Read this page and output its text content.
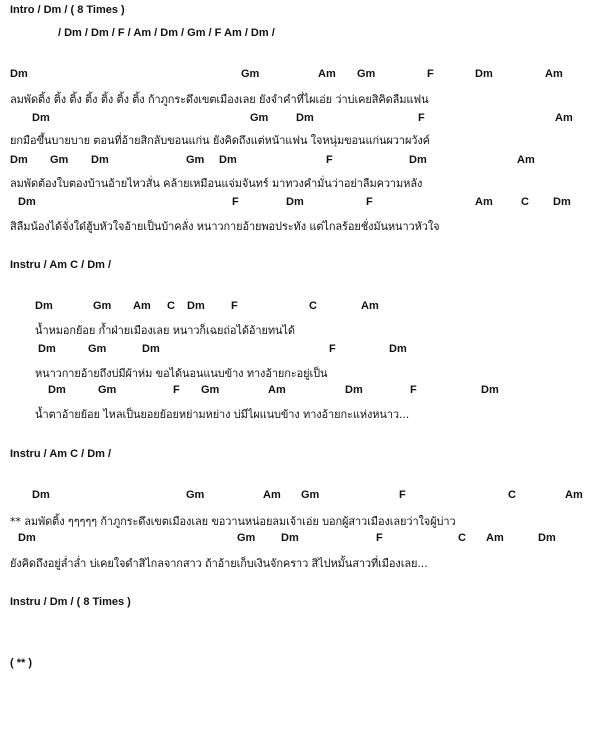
Intro / Dm / ( 8 Times )
/ Dm / Dm / F / Am / Dm / Gm / F Am / Dm /
Dm	Gm	Am Gm	F	Dm	Am
ลมพัดติ้ง ติ้ง ติ้ง ติ้ง ติ้ง ติ้ง ติ้ง ก้าภูกระดึงเขตเมืองเลย ยังจำคำที่ไผเอ่ย ว่าบ่เคยสิคิดลืมแฟน
Dm	Gm	Dm	F	Am
ยกมือขึ้นบายบาย ตอนที่อ้ายสิกลับขอนแก่น ยังคิดถึงแต่หน้าแฟน ใจหนุ่มขอนแก่นผวาผวังค์
Dm Gm Dm	Gm Dm	F	Dm	Am
ลมพัดต้องใบตองบ้านอ้ายไหวสั่น คล้ายเหมือนแจ่มจันทร์ มาทวงคำมั่นว่าอย่าลืมความหลัง
Dm	F	Dm	F	Am	C Dm
สิลืมน้องได้จั่งใด๋ฮู้บหัวใจอ้ายเป็นบ้าคลั่ง หนาวกายอ้ายพอประทัง แต่ไกลร้อยชั่งมันหนาวหัวใจ
Instru / Am C / Dm /
Dm	Gm Am C Dm F	C	Am
น้ำหมอกย้อย ก้ำฝ่ายเมืองเลย หนาวก็เฉยถ่อได้อ้ายทนได้
Dm	Gm	Dm	F	Dm
หนาวกายอ้ายถึงบ่มีผ้าห่ม ขอได้นอนแนบข้าง ทางอ้ายกะอยู่เป็น
Dm	Gm	F Gm	Am	Dm	F	Dm
น้ำตาอ้ายย้อย ไหลเป็นยอยย้อยหย่ามหย่าง บ่มีไผแนบข้าง ทางอ้ายกะแห่งหนาว...
Instru / Am C / Dm /
Dm	Gm	Am Gm	F	C	Am
** ลมพัดติ้ง ๆๆๆๆๆ ก้าภูกระดึงเขตเมืองเลย ขอวานหน่อยลมเจ้าเอ่ย บอกผู้สาวเมืองเลยว่าใจผู้บ่าว
Dm	Gm Dm	F	C Am	Dm
ยังคิดถึงอยู่ล่ำล่ำ บ่เคยใจดำสิไกลจากสาว ถ้าอ้ายเก็บเงินจักคราว สิไปหมั้นสาวที่เมืองเลย...
Instru / Dm / ( 8 Times )
( ** )
